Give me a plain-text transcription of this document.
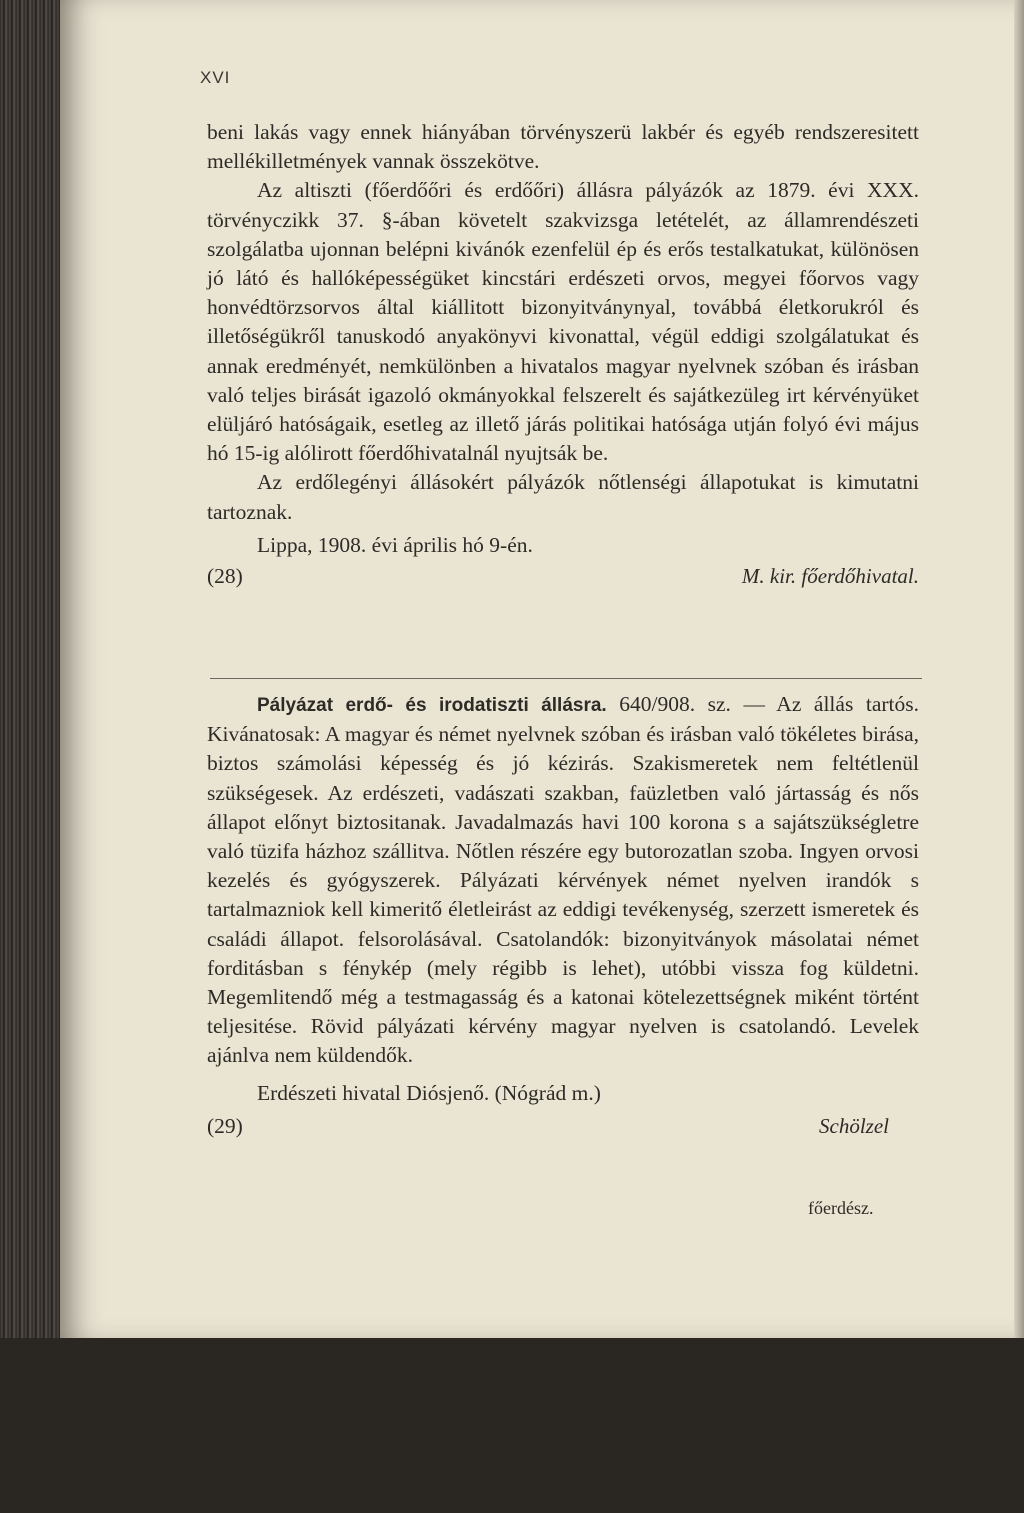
XVI

beni lakás vagy ennek hiányában törvényszerü lakbér és egyéb rendszeresitett mellékilletmények vannak összekötve.

Az altiszti (főerdőőri és erdőőri) állásra pályázók az 1879. évi XXX. törvényczikk 37. §-ában követelt szakvizsga letételét, az államrendészeti szolgálatba ujonnan belépni kivánók ezenfelül ép és erős testalkatukat, különösen jó látó és hallóképességüket kincstári erdészeti orvos, megyei főorvos vagy honvédtörzsorvos által kiállitott bizonyitványnyal, továbbá életkorukról és illetőségükről tanuskodó anyakönyvi kivonattal, végül eddigi szolgálatukat és annak eredményét, nemkülönben a hivatalos magyar nyelvnek szóban és irásban való teljes birását igazoló okmányokkal felszerelt és sajátkezüleg irt kérvényüket elüljáró hatóságaik, esetleg az illető járás politikai hatósága utján folyó évi május hó 15-ig alólirott főerdőhivatalnál nyujtsák be.

Az erdőlegényi állásokért pályázók nőtlenségi állapotukat is kimutatni tartoznak.

Lippa, 1908. évi április hó 9-én.

(28)	M. kir. főerdőhivatal.

Pályázat erdő- és irodatiszti állásra. 640/908. sz. — Az állás tartós. Kivánatosak: A magyar és német nyelvnek szóban és irásban való tökéletes birása, biztos számolási képesség és jó kézirás. Szakismeretek nem feltétlenül szükségesek. Az erdészeti, vadászati szakban, faüzletben való jártasság és nős állapot előnyt biztositanak. Javadalmazás havi 100 korona s a sajátszükségletre való tüzifa házhoz szállitva. Nőtlen részére egy butorozatlan szoba. Ingyen orvosi kezelés és gyógyszerek. Pályázati kérvények német nyelven irandók s tartalmazniok kell kimeritő életleirást az eddigi tevékenység, szerzett ismeretek és családi állapot. felsorolásával. Csatolandók: bizonyitványok másolatai német forditásban s fénykép (mely régibb is lehet), utóbbi vissza fog küldetni. Megemlitendő még a testmagasság és a katonai kötelezettségnek miként történt teljesitése. Rövid pályázati kérvény magyar nyelven is csatolandó. Levelek ajánlva nem küldendők.

Erdészeti hivatal Diósjenő. (Nógrád m.)

(29)	Schölzel
főerdész.
